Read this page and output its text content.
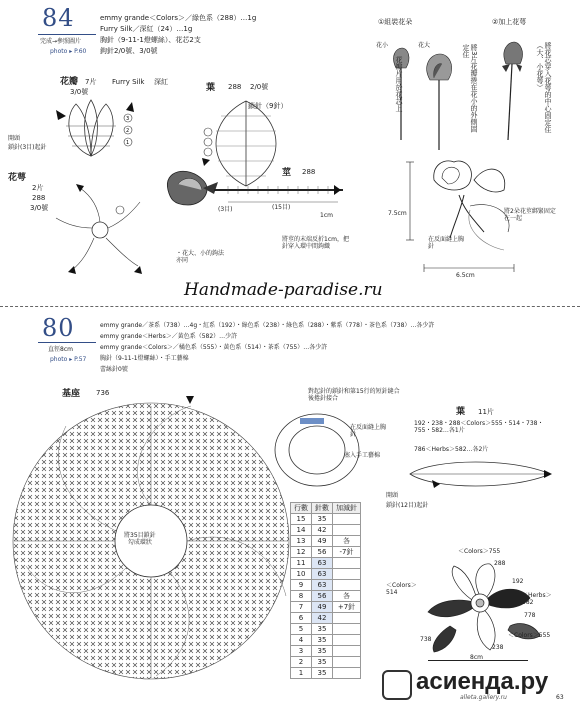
84
完成→參照圖片
photo ▸ P.60
emmy grande＜Colors＞／綠色系（288）…1g
Furry Silk／深紅（24）…1g
胸針（9-11-1燈螺絲）、花芯2支
鉤針2/0號、3/0號
花瓣 7片	Furry Silk 深紅
3/0號
3
2
1
開頭
鎖針(3目)起針
花萼
2片
288
3/0號
葉 288 2/0號
鎖針（9針）
莖 288
(3目)	(15目)
1cm
將莖的末端反折1cm，把針穿入環中間鉤織
・花大、小的鉤法
亦同
①組裝花朵	②加上花萼
花小	花大
花瓣片用於花芯上	將3片花瓣捲在花小的外側固定住	將花芯穿入花萼的中心固定住（大、小花萼）
7.5cm
6.5cm
在反面縫上胸針
將2朵花莖綁緊固定在一起
Handmade-paradise.ru
80
直徑8cm
photo ▸ P.57
emmy grande／茶系（738）…4g・紅系（192）・綠色系（238）・綠色系（288）・紫系（778）・茶色系（738）…各少許
emmy grande＜Herbs＞／黃色系（582）…少許
emmy grande＜Colors＞／橘色系（555）・黃色系（514）・茶系（755）…各少許
胸針（9-11-1燈螺絲）・手工藝棉
蕾絲針0號
基座 736
將35目鎖針
勾成環狀
對起針的鎖針和第15行的短針縫合後捲針接合
在反面縫上胸針
塞入手工藝棉
葉 11片
192・238・288＜Colors＞555・514・738・755・582…各1片
786＜Herbs＞582…各2片
開頭
鎖針(12目)起針
行數	針數	加減針
15	35	
14	42	
13	49	各
12	56	-7針
11	63	
10	63	
9	63	
8	56	各
7	49	+7針
6	42	
5	35	
4	35	
3	35	
2	35	
1	35	
＜Colors＞755
288
192
＜Colors＞
514	＜Herbs＞
582
778
738
238
＜Colors＞555
8cm
асиенда.ру
alleta.gallery.ru	63
